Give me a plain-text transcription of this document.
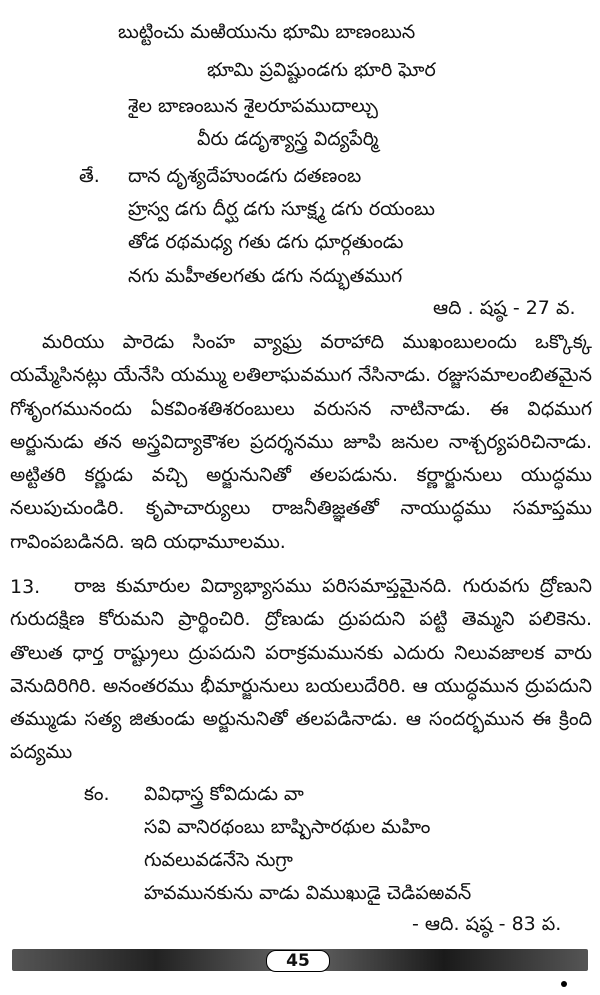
బుట్టించు మఱియును భూమి బాణంబున
భూమి ప్రవిష్టుండగు భూరి ఘోర
శైల బాణంబున శైలరూపముదాల్చు
వీరు డదృశ్యాస్త్ర విద్యపేర్మి
తే. దాన దృశ్యదేహుండగు దతణంబ
హ్రస్వ డగు దీర్ఘ డగు సూక్ష్మ డగు రయంబు
తోడ రథమధ్య గతు డగు ధూర్గతుండు
నగు మహీతలగతు డగు నద్భుతముగ
ఆది . షష్ఠ - 27 వ.
మరియు పారెడు సింహ వ్యాఘ్ర వరాహాది ముఖంబులందు ఒక్కొక్క యమ్మేసినట్లు యేనేసి యమ్ము లతిలాఘవముగ నేసినాడు. రజ్జుసమాలంబితమైన గోశృంగమునందు ఏకవింశతిశరంబులు వరుసన నాటినాడు. ఈ విధముగ అర్జునుడు తన అస్త్రవిద్యాకౌశల ప్రదర్శనము జూపి జనుల నాశ్చర్యపరిచినాడు. అట్టితరి కర్ణుడు వచ్చి అర్జునునితో తలపడును. కర్ణార్జునులు యుద్ధము నలుపుచుండిరి. కృపాచార్యులు రాజనీతిజ్ఞతతో నాయుద్ధము సమాప్తము గావింపబడినది. ఇది యధామూలము.
13.	రాజ కుమారుల విద్యాభ్యాసము పరిసమాప్తమైనది. గురువగు ద్రోణుని గురుదక్షిణ కోరుమని ప్రార్థించిరి. ద్రోణుడు ద్రుపదుని పట్టి తెమ్మని పలికెను. తొలుత ధార్త రాష్ట్రులు ద్రుపదుని పరాక్రమమునకు ఎదురు నిలువజాలక వారు వెనుదిరిగిరి. అనంతరము భీమార్జునులు బయలుదేరిరి. ఆ యుద్ధమున ద్రుపదుని తమ్ముడు సత్య జితుండు అర్జునునితో తలపడినాడు. ఆ సందర్భమున ఈ క్రింది పద్యము
కం. వివిధాస్త్ర కోవిదుడు వా
సవి వానిరథంబు బాష్పిసారథుల మహిం
గువలువడనేసె నుగ్రా
హవమునకును వాడు విముఖుడై చెడిపఱవన్
- ఆది. షష్ఠ - 83 ప.
45
